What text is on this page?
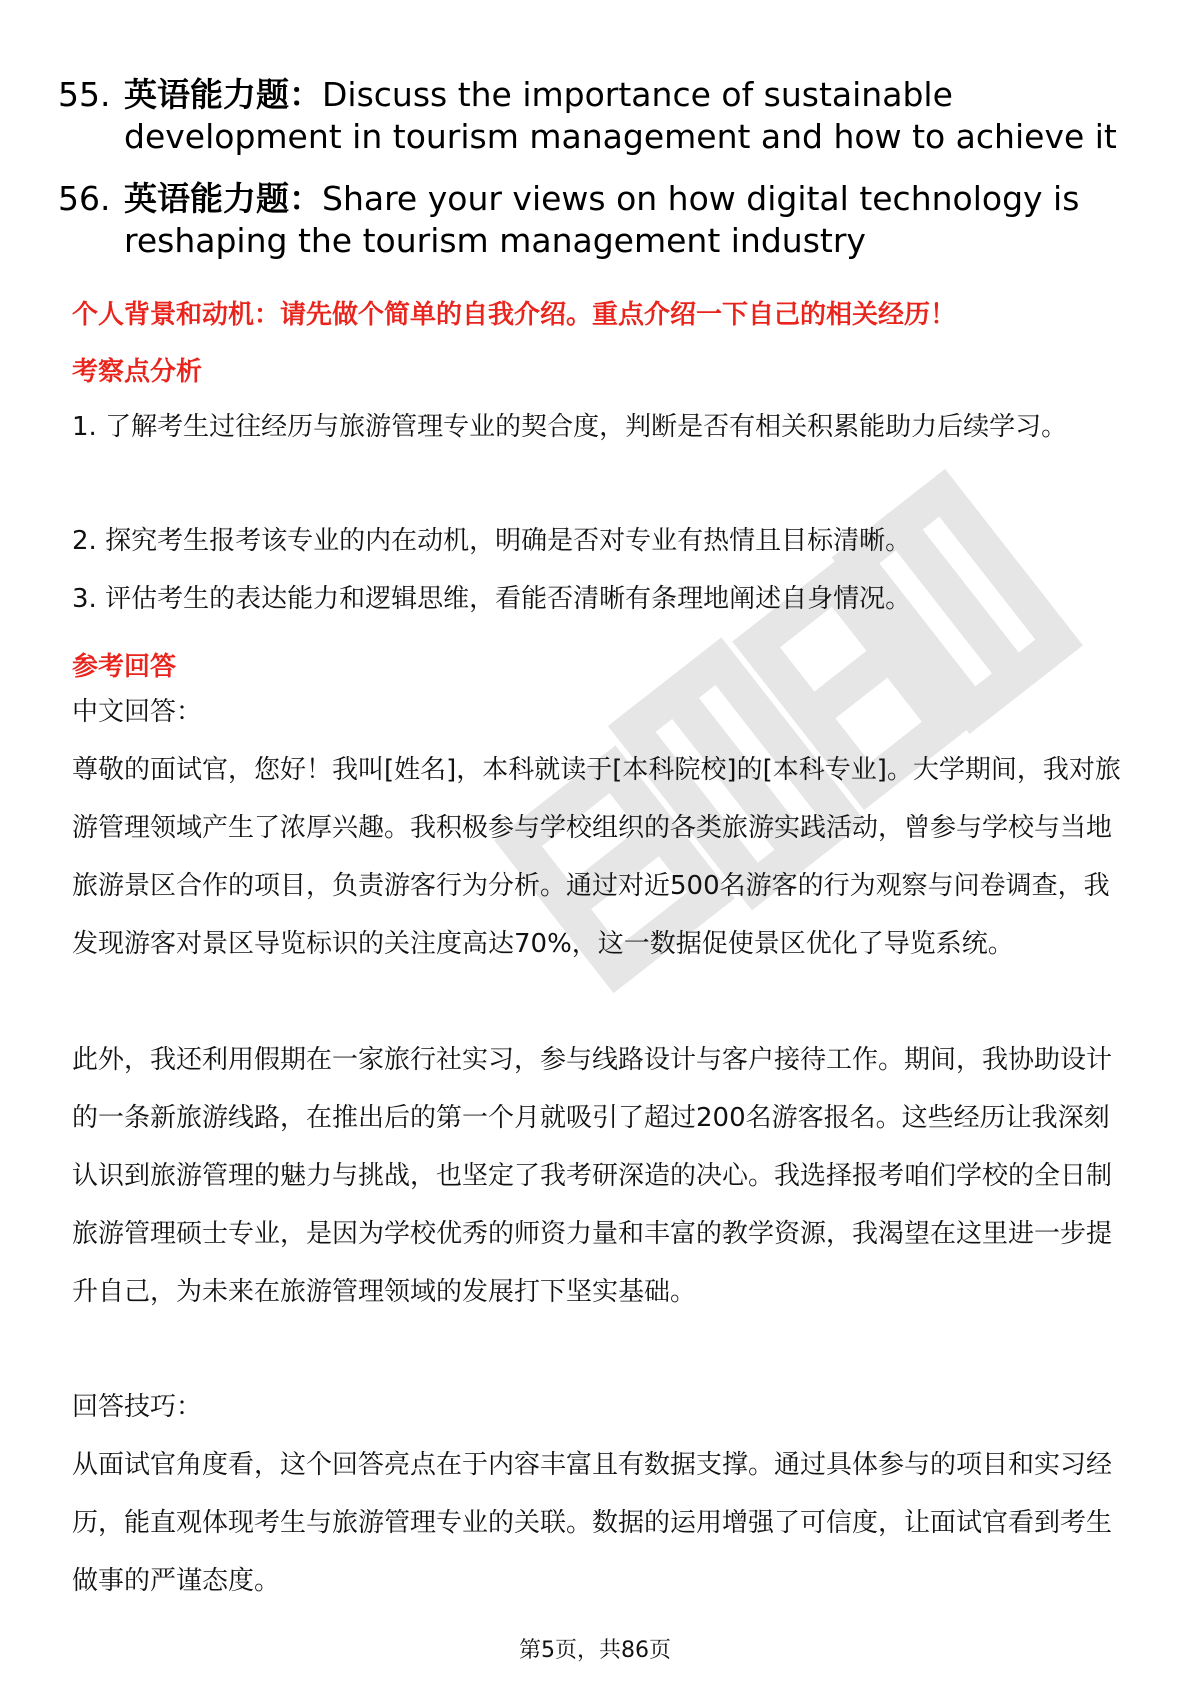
55. 英语能力题：Discuss the importance of sustainable development in tourism management and how to achieve it
56. 英语能力题：Share your views on how digital technology is reshaping the tourism management industry
个人背景和动机：请先做个简单的自我介绍。重点介绍一下自己的相关经历！
考察点分析
1. 了解考生过往经历与旅游管理专业的契合度，判断是否有相关积累能助力后续学习。
2. 探究考生报考该专业的内在动机，明确是否对专业有热情且目标清晰。
3. 评估考生的表达能力和逻辑思维，看能否清晰有条理地阐述自身情况。
参考回答
中文回答：
尊敬的面试官，您好！我叫[姓名]，本科就读于[本科院校]的[本科专业]。大学期间，我对旅游管理领域产生了浓厚兴趣。我积极参与学校组织的各类旅游实践活动，曾参与学校与当地旅游景区合作的项目，负责游客行为分析。通过对近500名游客的行为观察与问卷调查，我发现游客对景区导览标识的关注度高达70%，这一数据促使景区优化了导览系统。
此外，我还利用假期在一家旅行社实习，参与线路设计与客户接待工作。期间，我协助设计的一条新旅游线路，在推出后的第一个月就吸引了超过200名游客报名。这些经历让我深刻认识到旅游管理的魅力与挑战，也坚定了我考研深造的决心。我选择报考咱们学校的全日制旅游管理硕士专业，是因为学校优秀的师资力量和丰富的教学资源，我渴望在这里进一步提升自己，为未来在旅游管理领域的发展打下坚实基础。
回答技巧：
从面试官角度看，这个回答亮点在于内容丰富且有数据支撑。通过具体参与的项目和实习经历，能直观体现考生与旅游管理专业的关联。数据的运用增强了可信度，让面试官看到考生做事的严谨态度。
第5页，共86页
